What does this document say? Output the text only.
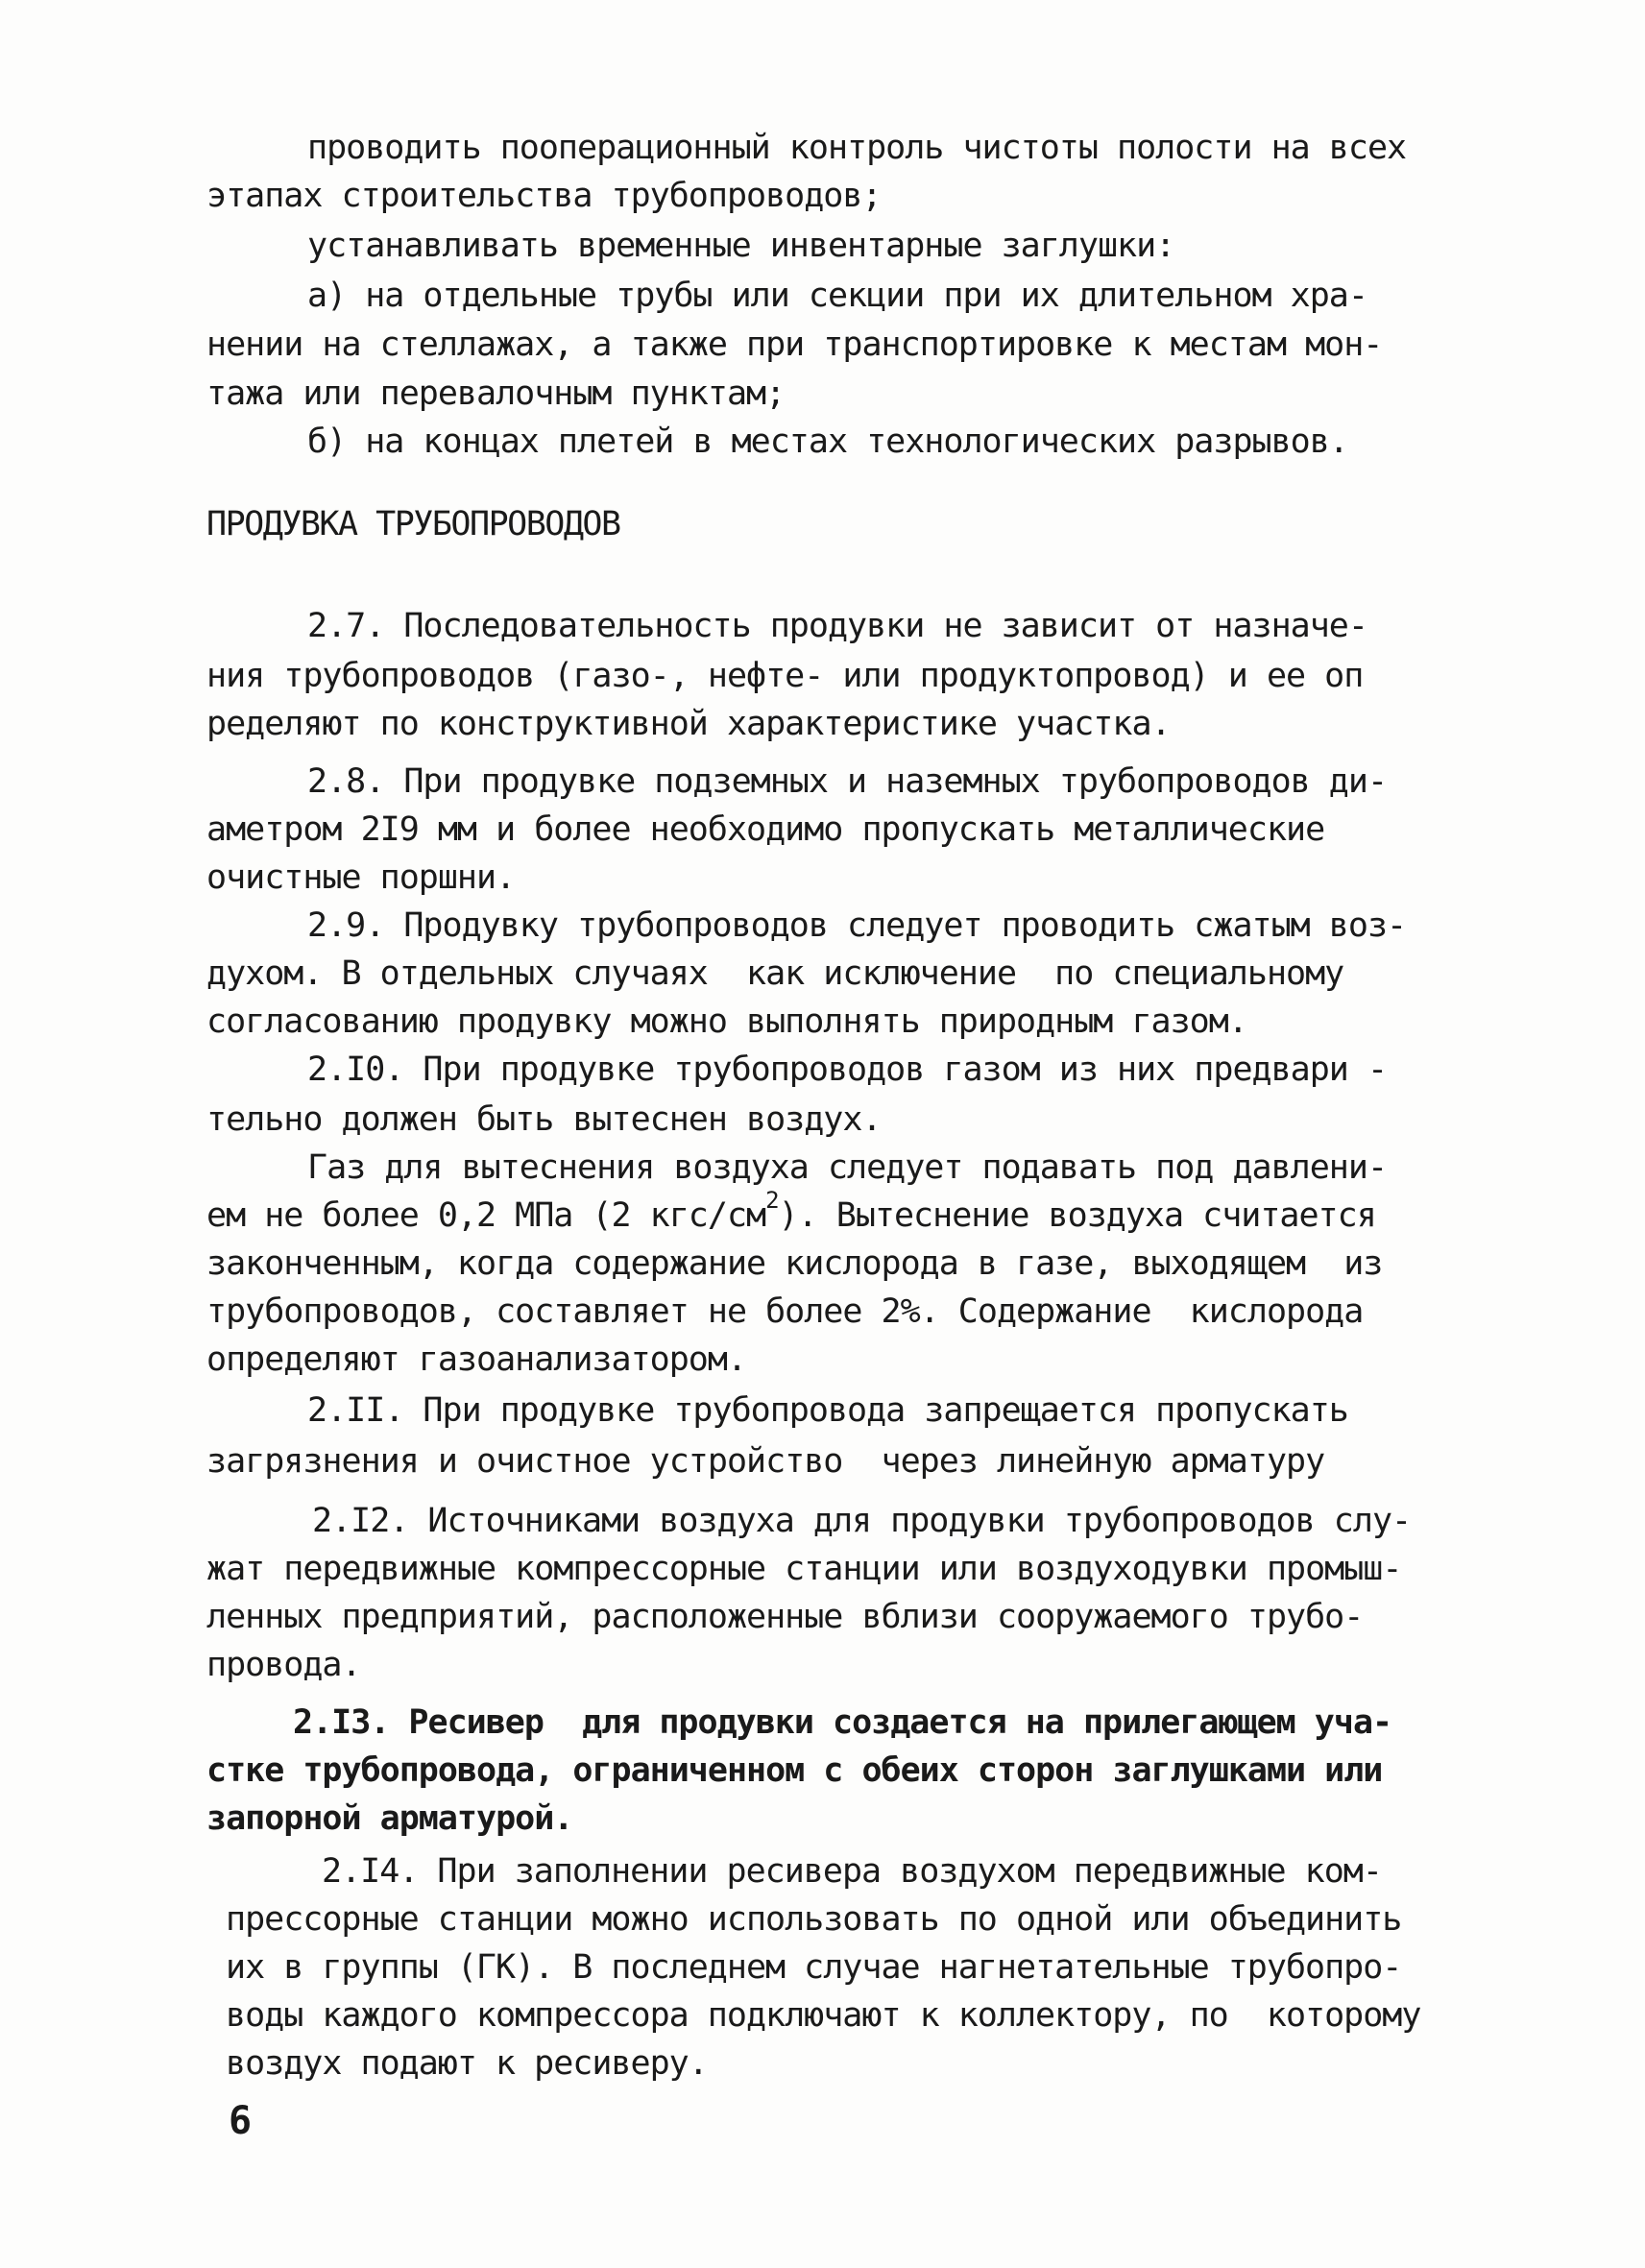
проводить пооперационный контроль чистоты полости на всех
этапах строительства трубопроводов;
устанавливать временные инвентарные заглушки:
а) на отдельные трубы или секции при их длительном хра-
нении на стеллажах, а также при транспортировке к местам мон-
тажа или перевалочным пунктам;
б) на концах плетей в местах технологических разрывов.
ПРОДУВКА ТРУБОПРОВОДОВ
2.7. Последовательность продувки не зависит от назначе-
ния трубопроводов (газо-, нефте- или продуктопровод) и ее оп
ределяют по конструктивной характеристике участка.
2.8. При продувке подземных и наземных трубопроводов ди-
аметром 2I9 мм и более необходимо пропускать металлические
очистные поршни.
2.9. Продувку трубопроводов следует проводить сжатым воз-
духом. В отдельных случаях  как исключение  по специальному
согласованию продувку можно выполнять природным газом.
2.I0. При продувке трубопроводов газом из них предвари -
тельно должен быть вытеснен воздух.
Газ для вытеснения воздуха следует подавать под давлени-
ем не более 0,2 МПа (2 кгс/$см^2$). Вытеснение воздуха считается
законченным, когда содержание кислорода в газе, выходящем  из
трубопроводов, составляет не более 2%. Содержание  кислорода
определяют газоанализатором.
2.II. При продувке трубопровода запрещается пропускать
загрязнения и очистное устройство  через линейную арматуру
2.I2. Источниками воздуха для продувки трубопроводов слу-
жат передвижные компрессорные станции или воздуходувки промыш-
ленных предприятий, расположенные вблизи сооружаемого трубо-
провода.
2.I3. Ресивер  для продувки создается на прилегающем уча-
стке трубопровода, ограниченном с обеих сторон заглушками или
запорной арматурой.
2.I4. При заполнении ресивера воздухом передвижные ком-
прессорные станции можно использовать по одной или объединить
их в группы (ГК). В последнем случае нагнетательные трубопро-
воды каждого компрессора подключают к коллектору, по  которому
воздух подают к ресиверу.
6
